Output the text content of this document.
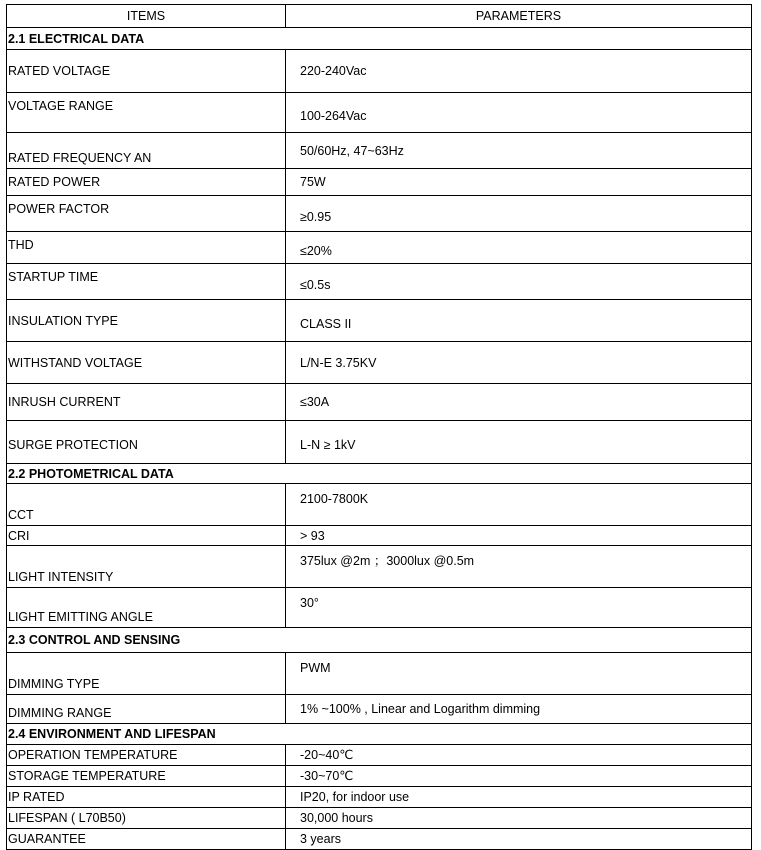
ITEMS	PARAMETERS
2.1 ELECTRICAL DATA	
RATED VOLTAGE	220-240Vac
VOLTAGE RANGE	100-264Vac
RATED FREQUENCY AN	50/60Hz, 47~63Hz
RATED POWER	75W
POWER FACTOR	≥0.95
THD	≤20%
STARTUP TIME	≤0.5s
INSULATION TYPE	CLASS II
WITHSTAND VOLTAGE	L/N-E 3.75KV
INRUSH CURRENT	≤30A
SURGE PROTECTION	L-N ≥ 1kV
2.2 PHOTOMETRICAL DATA	
CCT	2100-7800K
CRI	> 93
LIGHT INTENSITY	375lux @2m ；3000lux @0.5m
LIGHT EMITTING ANGLE	30°
2.3 CONTROL AND SENSING	
DIMMING TYPE	PWM
DIMMING RANGE	1% ~100% , Linear and Logarithm dimming
2.4 ENVIRONMENT AND LIFESPAN	
OPERATION TEMPERATURE	-20~40℃
STORAGE TEMPERATURE	-30~70℃
IP RATED	IP20, for indoor use
LIFESPAN ( L70B50)	30,000 hours
GUARANTEE	3 years
